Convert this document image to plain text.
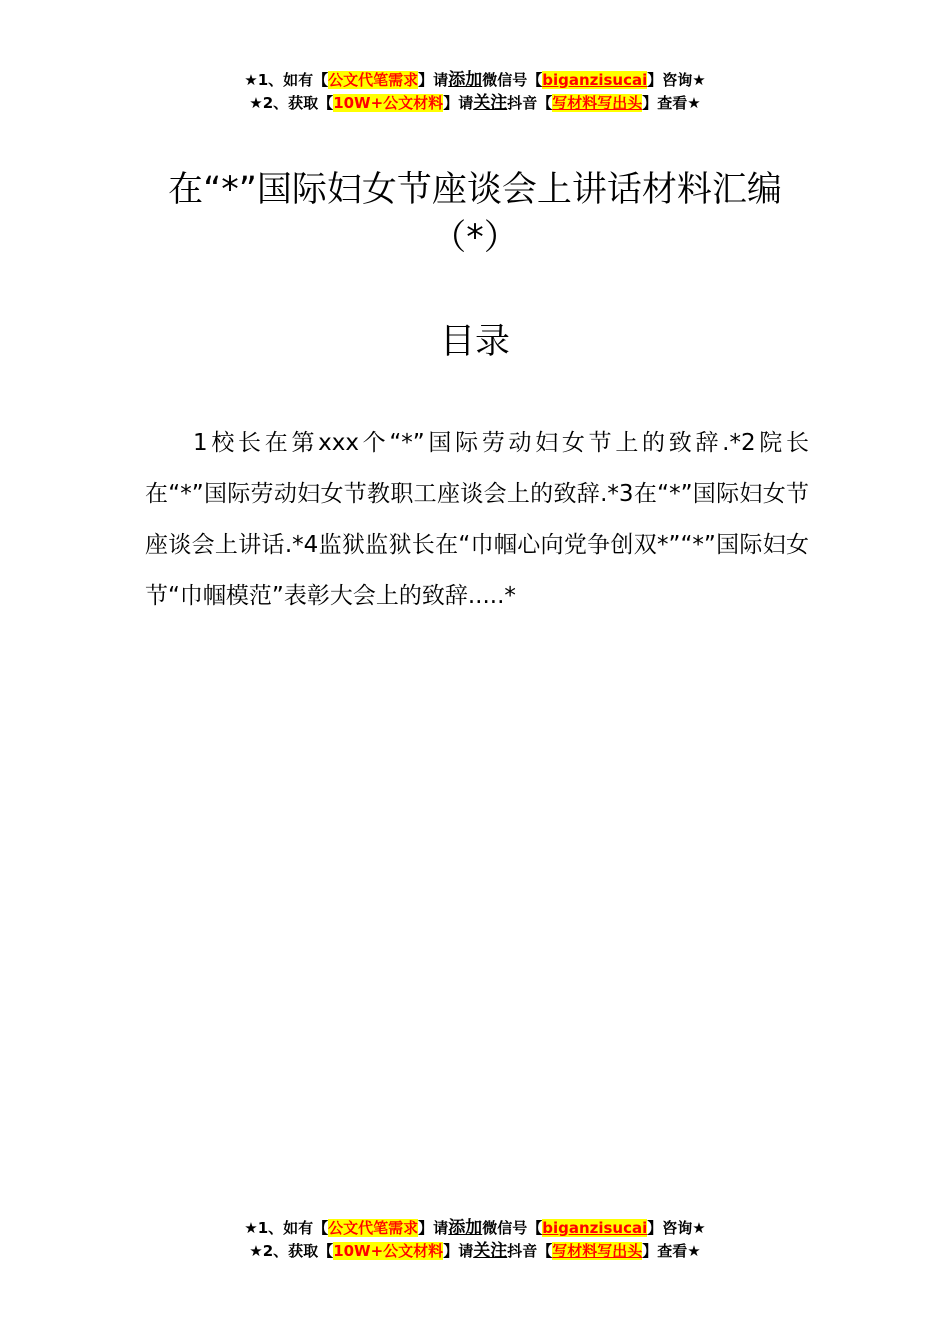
★1、如有【公文代笔需求】请添加微信号【biganzisucai】咨询★
★2、获取【10W+公文材料】请关注抖音【写材料写出头】查看★
在“*”国际妇女节座谈会上讲话材料汇编
（*）
目录
1校长在第xxx个“*”国际劳动妇女节上的致辞.*2院长在“*”国际劳动妇女节教职工座谈会上的致辞.*3在“*”国际妇女节座谈会上讲话.*4监狱监狱长在“巾帼心向党争创双*”“*”国际妇女节“巾帼模范”表彰大会上的致辞.....*
★1、如有【公文代笔需求】请添加微信号【biganzisucai】咨询★
★2、获取【10W+公文材料】请关注抖音【写材料写出头】查看★
